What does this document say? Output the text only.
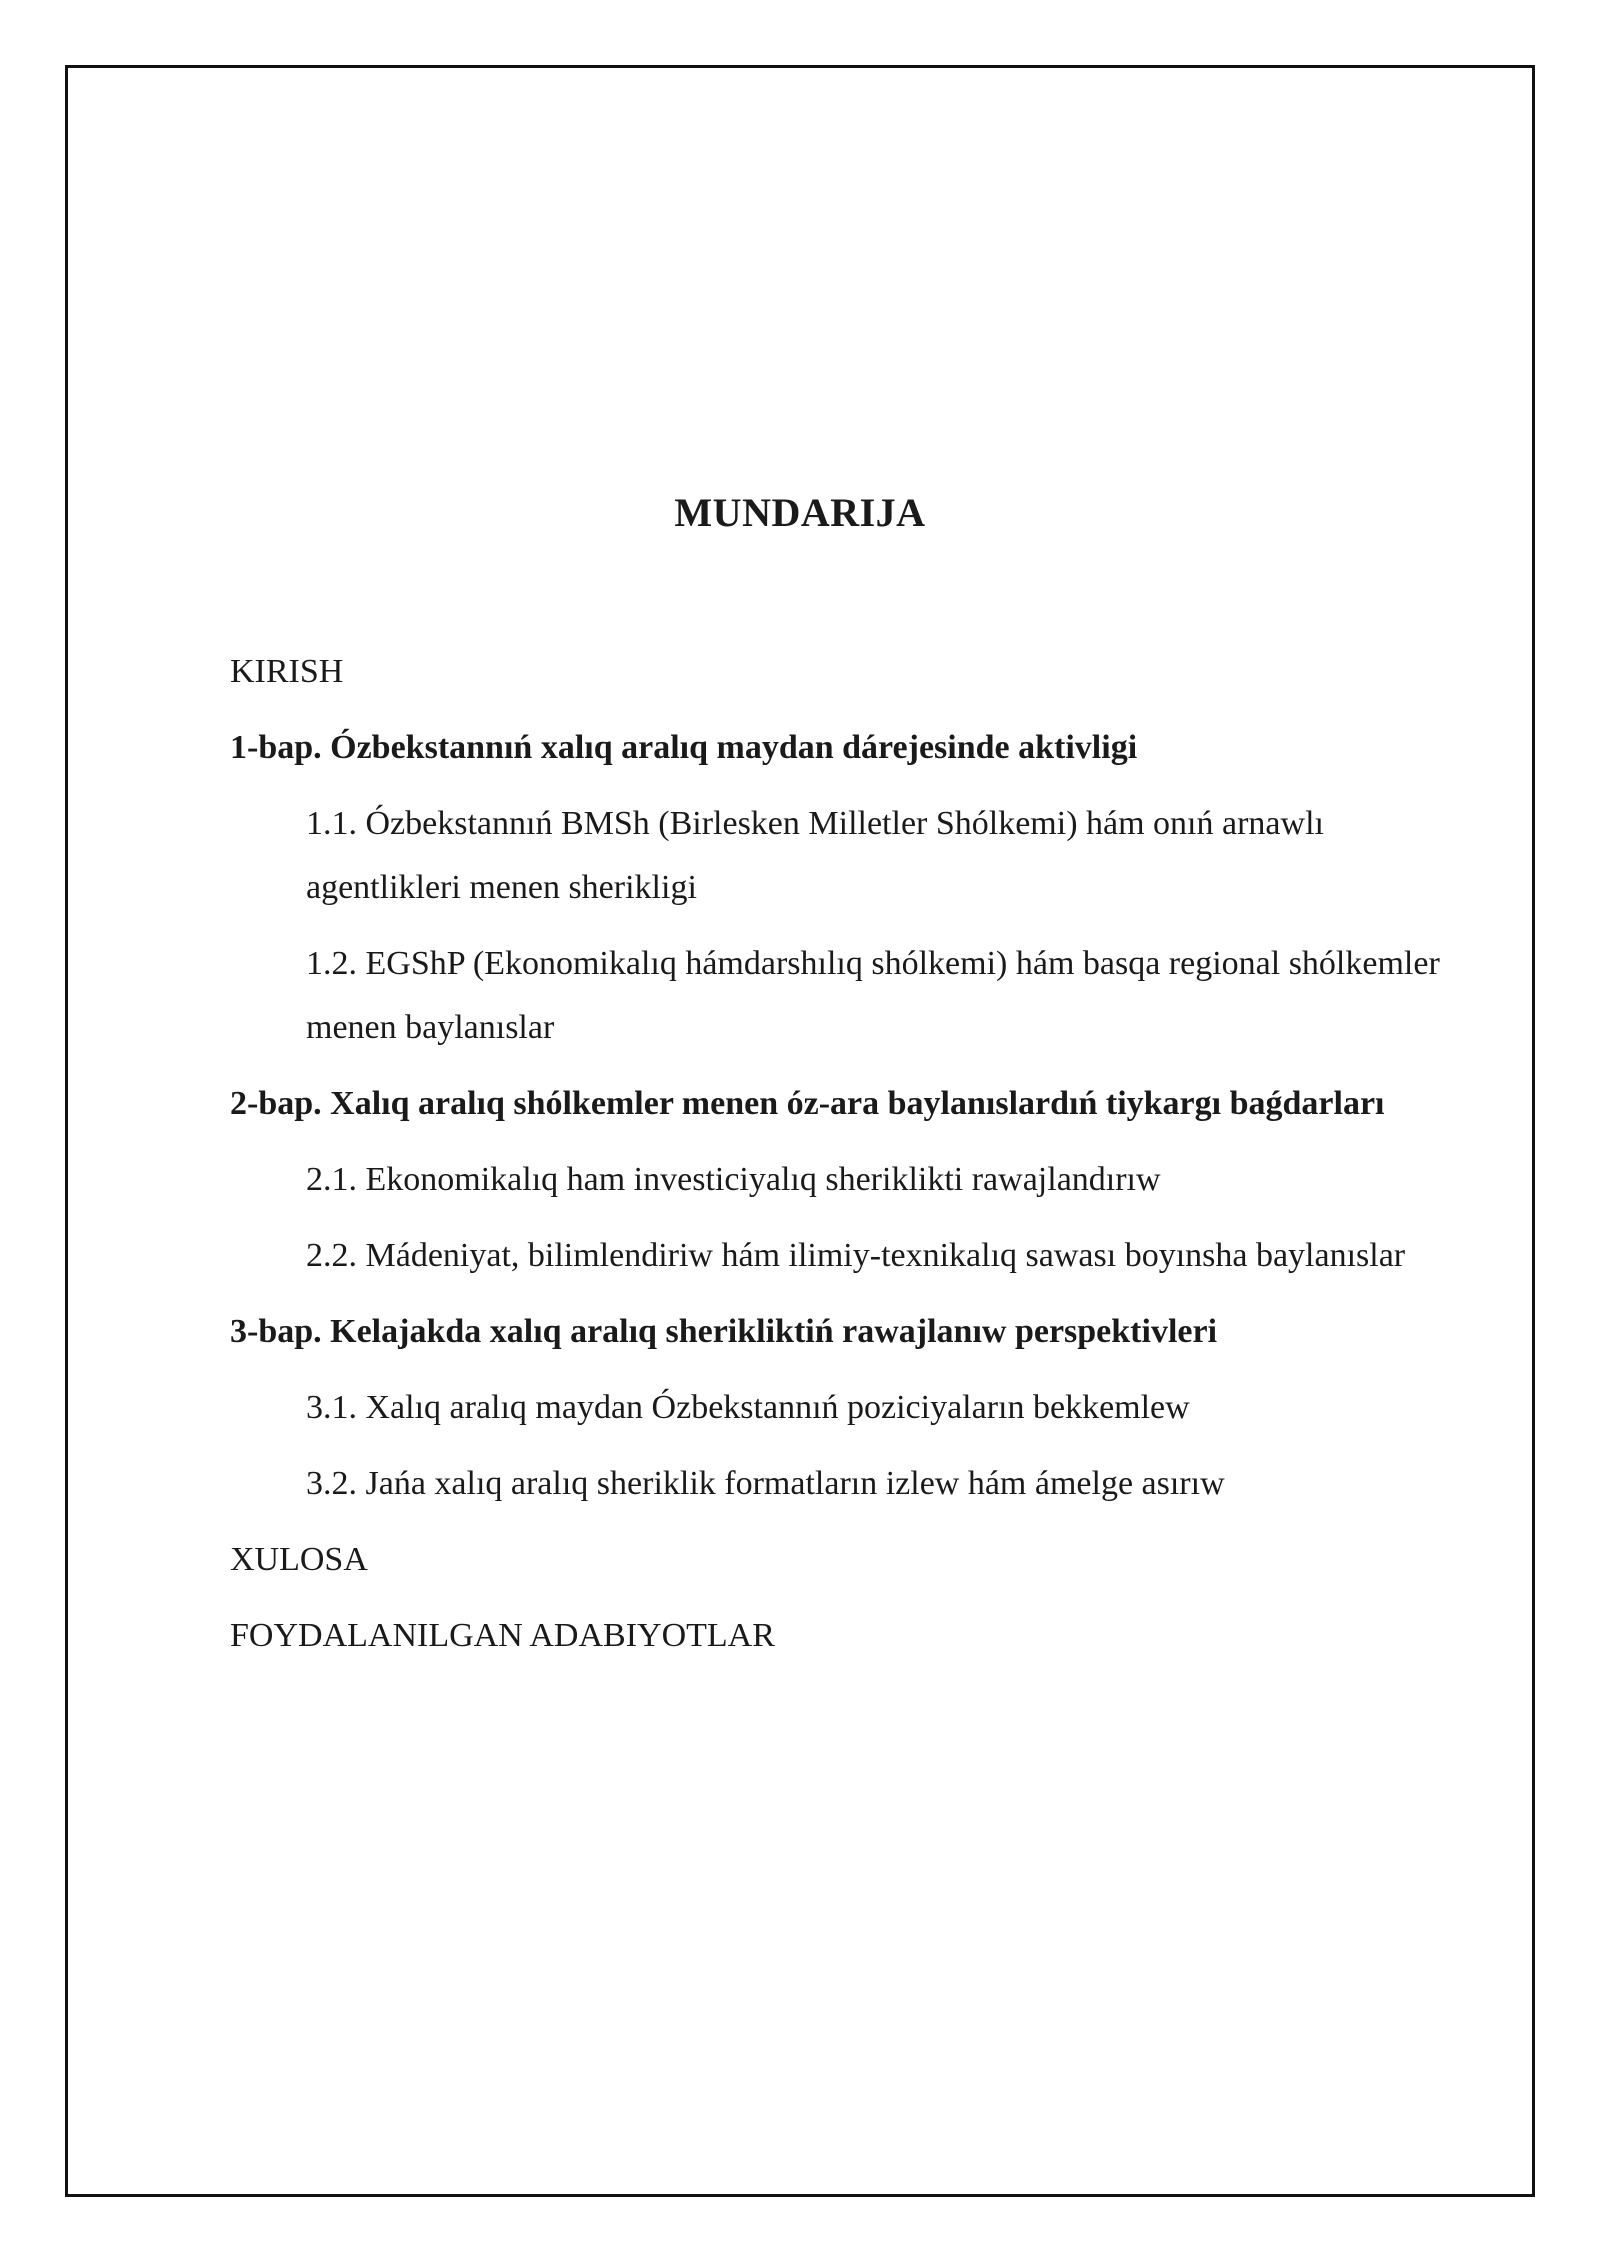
MUNDARIJA

KIRISH

1-bap. Ózbekstannıń xalıq aralıq maydan dárejesinde aktivligi

1.1. Ózbekstannıń BMSh (Birlesken Milletler Shólkemi) hám onıń arnawlı agentlikleri menen sherikligi

1.2. EGShP (Ekonomikalıq hámdarshılıq shólkemi) hám basqa regional shólkemler menen baylanıslar

2-bap. Xalıq aralıq shólkemler menen óz-ara baylanıslardıń tiykargı baǵdarları

2.1. Ekonomikalıq ham investiciyalıq sheriklikti rawajlandırıw

2.2. Mádeniyat, bilimlendiriw hám ilimiy-texnikalıq sawası boyınsha baylanıslar

3-bap. Kelajakda xalıq aralıq sherikliktiń rawajlanıw perspektivleri

3.1. Xalıq aralıq maydan Ózbekstannıń poziciyaların bekkemlew

3.2. Jańa xalıq aralıq sheriklik formatların izlew hám ámelge asırıw

XULOSA

FOYDALANILGAN ADABIYOTLAR
